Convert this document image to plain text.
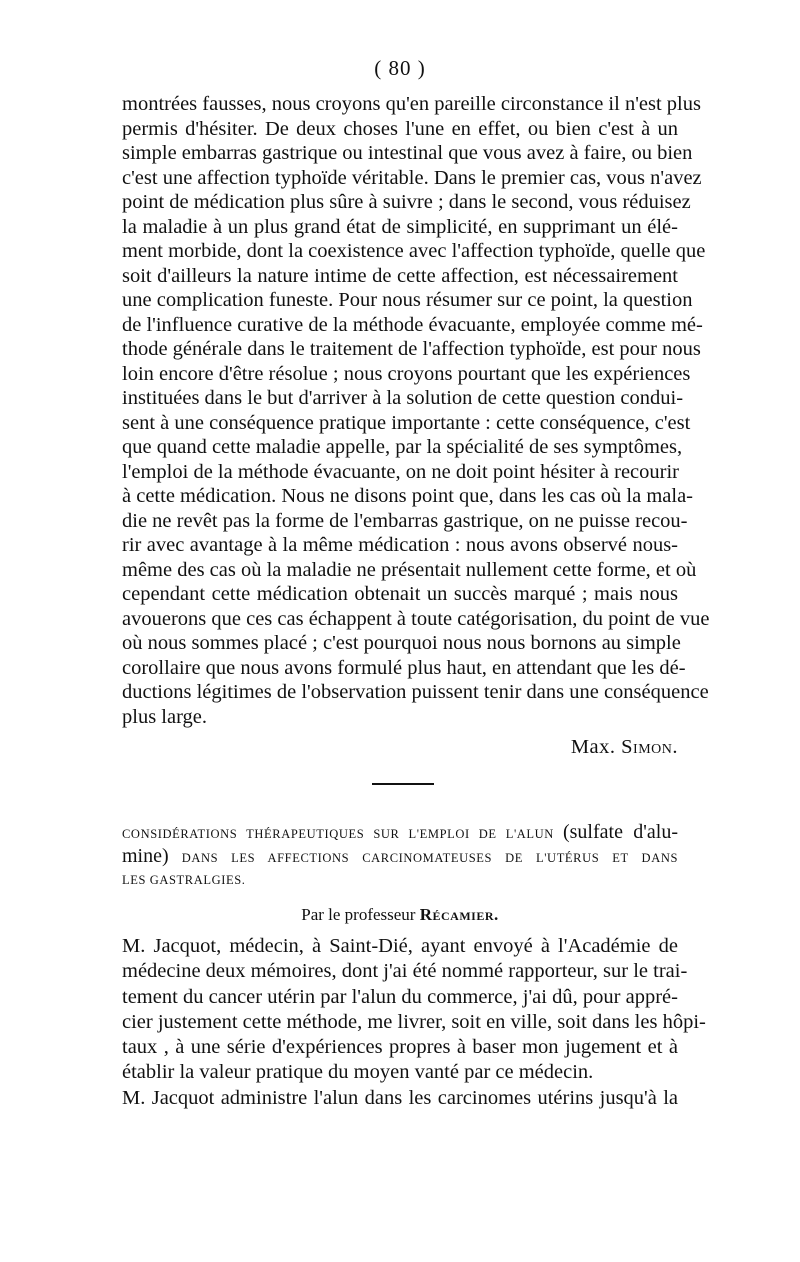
( 80 )
montrées fausses, nous croyons qu'en pareille circonstance il n'est plus
permis d'hésiter. De deux choses l'une en effet, ou bien c'est à un
simple embarras gastrique ou intestinal que vous avez à faire, ou bien
c'est une affection typhoïde véritable. Dans le premier cas, vous n'avez
point de médication plus sûre à suivre ; dans le second, vous réduisez
la maladie à un plus grand état de simplicité, en supprimant un élé-
ment morbide, dont la coexistence avec l'affection typhoïde, quelle que
soit d'ailleurs la nature intime de cette affection, est nécessairement
une complication funeste. Pour nous résumer sur ce point, la question
de l'influence curative de la méthode évacuante, employée comme mé-
thode générale dans le traitement de l'affection typhoïde, est pour nous
loin encore d'être résolue ; nous croyons pourtant que les expériences
instituées dans le but d'arriver à la solution de cette question condui-
sent à une conséquence pratique importante : cette conséquence, c'est
que quand cette maladie appelle, par la spécialité de ses symptômes,
l'emploi de la méthode évacuante, on ne doit point hésiter à recourir
à cette médication. Nous ne disons point que, dans les cas où la mala-
die ne revêt pas la forme de l'embarras gastrique, on ne puisse recou-
rir avec avantage à la même médication : nous avons observé nous-
même des cas où la maladie ne présentait nullement cette forme, et où
cependant cette médication obtenait un succès marqué ; mais nous
avouerons que ces cas échappent à toute catégorisation, du point de vue
où nous sommes placé ; c'est pourquoi nous nous bornons au simple
corollaire que nous avons formulé plus haut, en attendant que les dé-
ductions légitimes de l'observation puissent tenir dans une conséquence
plus large.
Max. Simon.
CONSIDÉRATIONS THÉRAPEUTIQUES SUR L'EMPLOI DE L'ALUN (sulfate d'alu-
mine) DANS LES AFFECTIONS CARCINOMATEUSES DE L'UTÉRUS ET DANS
LES GASTRALGIES.
Par le professeur Récamier.
M. Jacquot, médecin, à Saint-Dié, ayant envoyé à l'Académie de
médecine deux mémoires, dont j'ai été nommé rapporteur, sur le trai-
tement du cancer utérin par l'alun du commerce, j'ai dû, pour appré-
cier justement cette méthode, me livrer, soit en ville, soit dans les hôpi-
taux , à une série d'expériences propres à baser mon jugement et à
établir la valeur pratique du moyen vanté par ce médecin.
M. Jacquot administre l'alun dans les carcinomes utérins jusqu'à la
